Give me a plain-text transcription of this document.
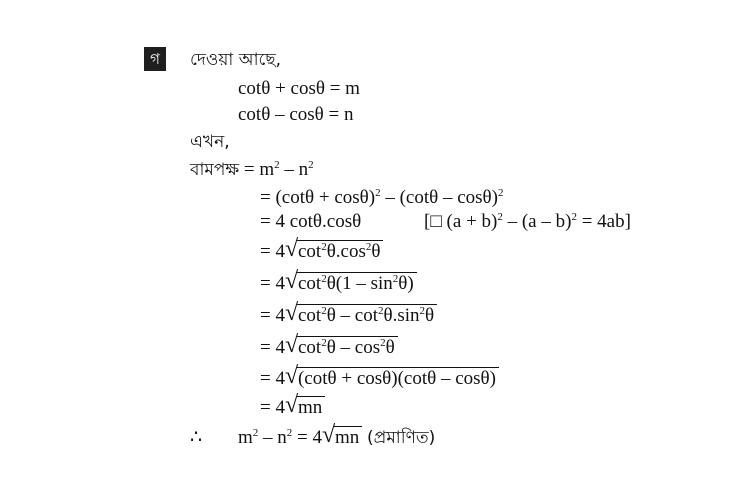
গ	দেওয়া আছে,
cotθ + cosθ = m
cotθ – cosθ = n
এখন,
বামপক্ষ = $m^2 - n^2$
= $(\cot\theta + \cos\theta)^2 - (\cot\theta - \cos\theta)^2$
= 4 cotθ.cosθ	[□ $(a + b)^2 - (a - b)^2 = 4ab$]
= 4 √ $\cot^2\theta.\cos^2\theta$
= 4 √ $\cot^2\theta(1 - \sin^2\theta)$
= 4 √ $\cot^2\theta - \cot^2\theta.\sin^2\theta$
= 4 √ $\cot^2\theta - \cos^2\theta$
= 4 √ (cotθ + cosθ)(cotθ – cosθ)
= 4 √ mn
∴ $m^2 - n^2 = 4$ √ mn (প্রমাণিত)
